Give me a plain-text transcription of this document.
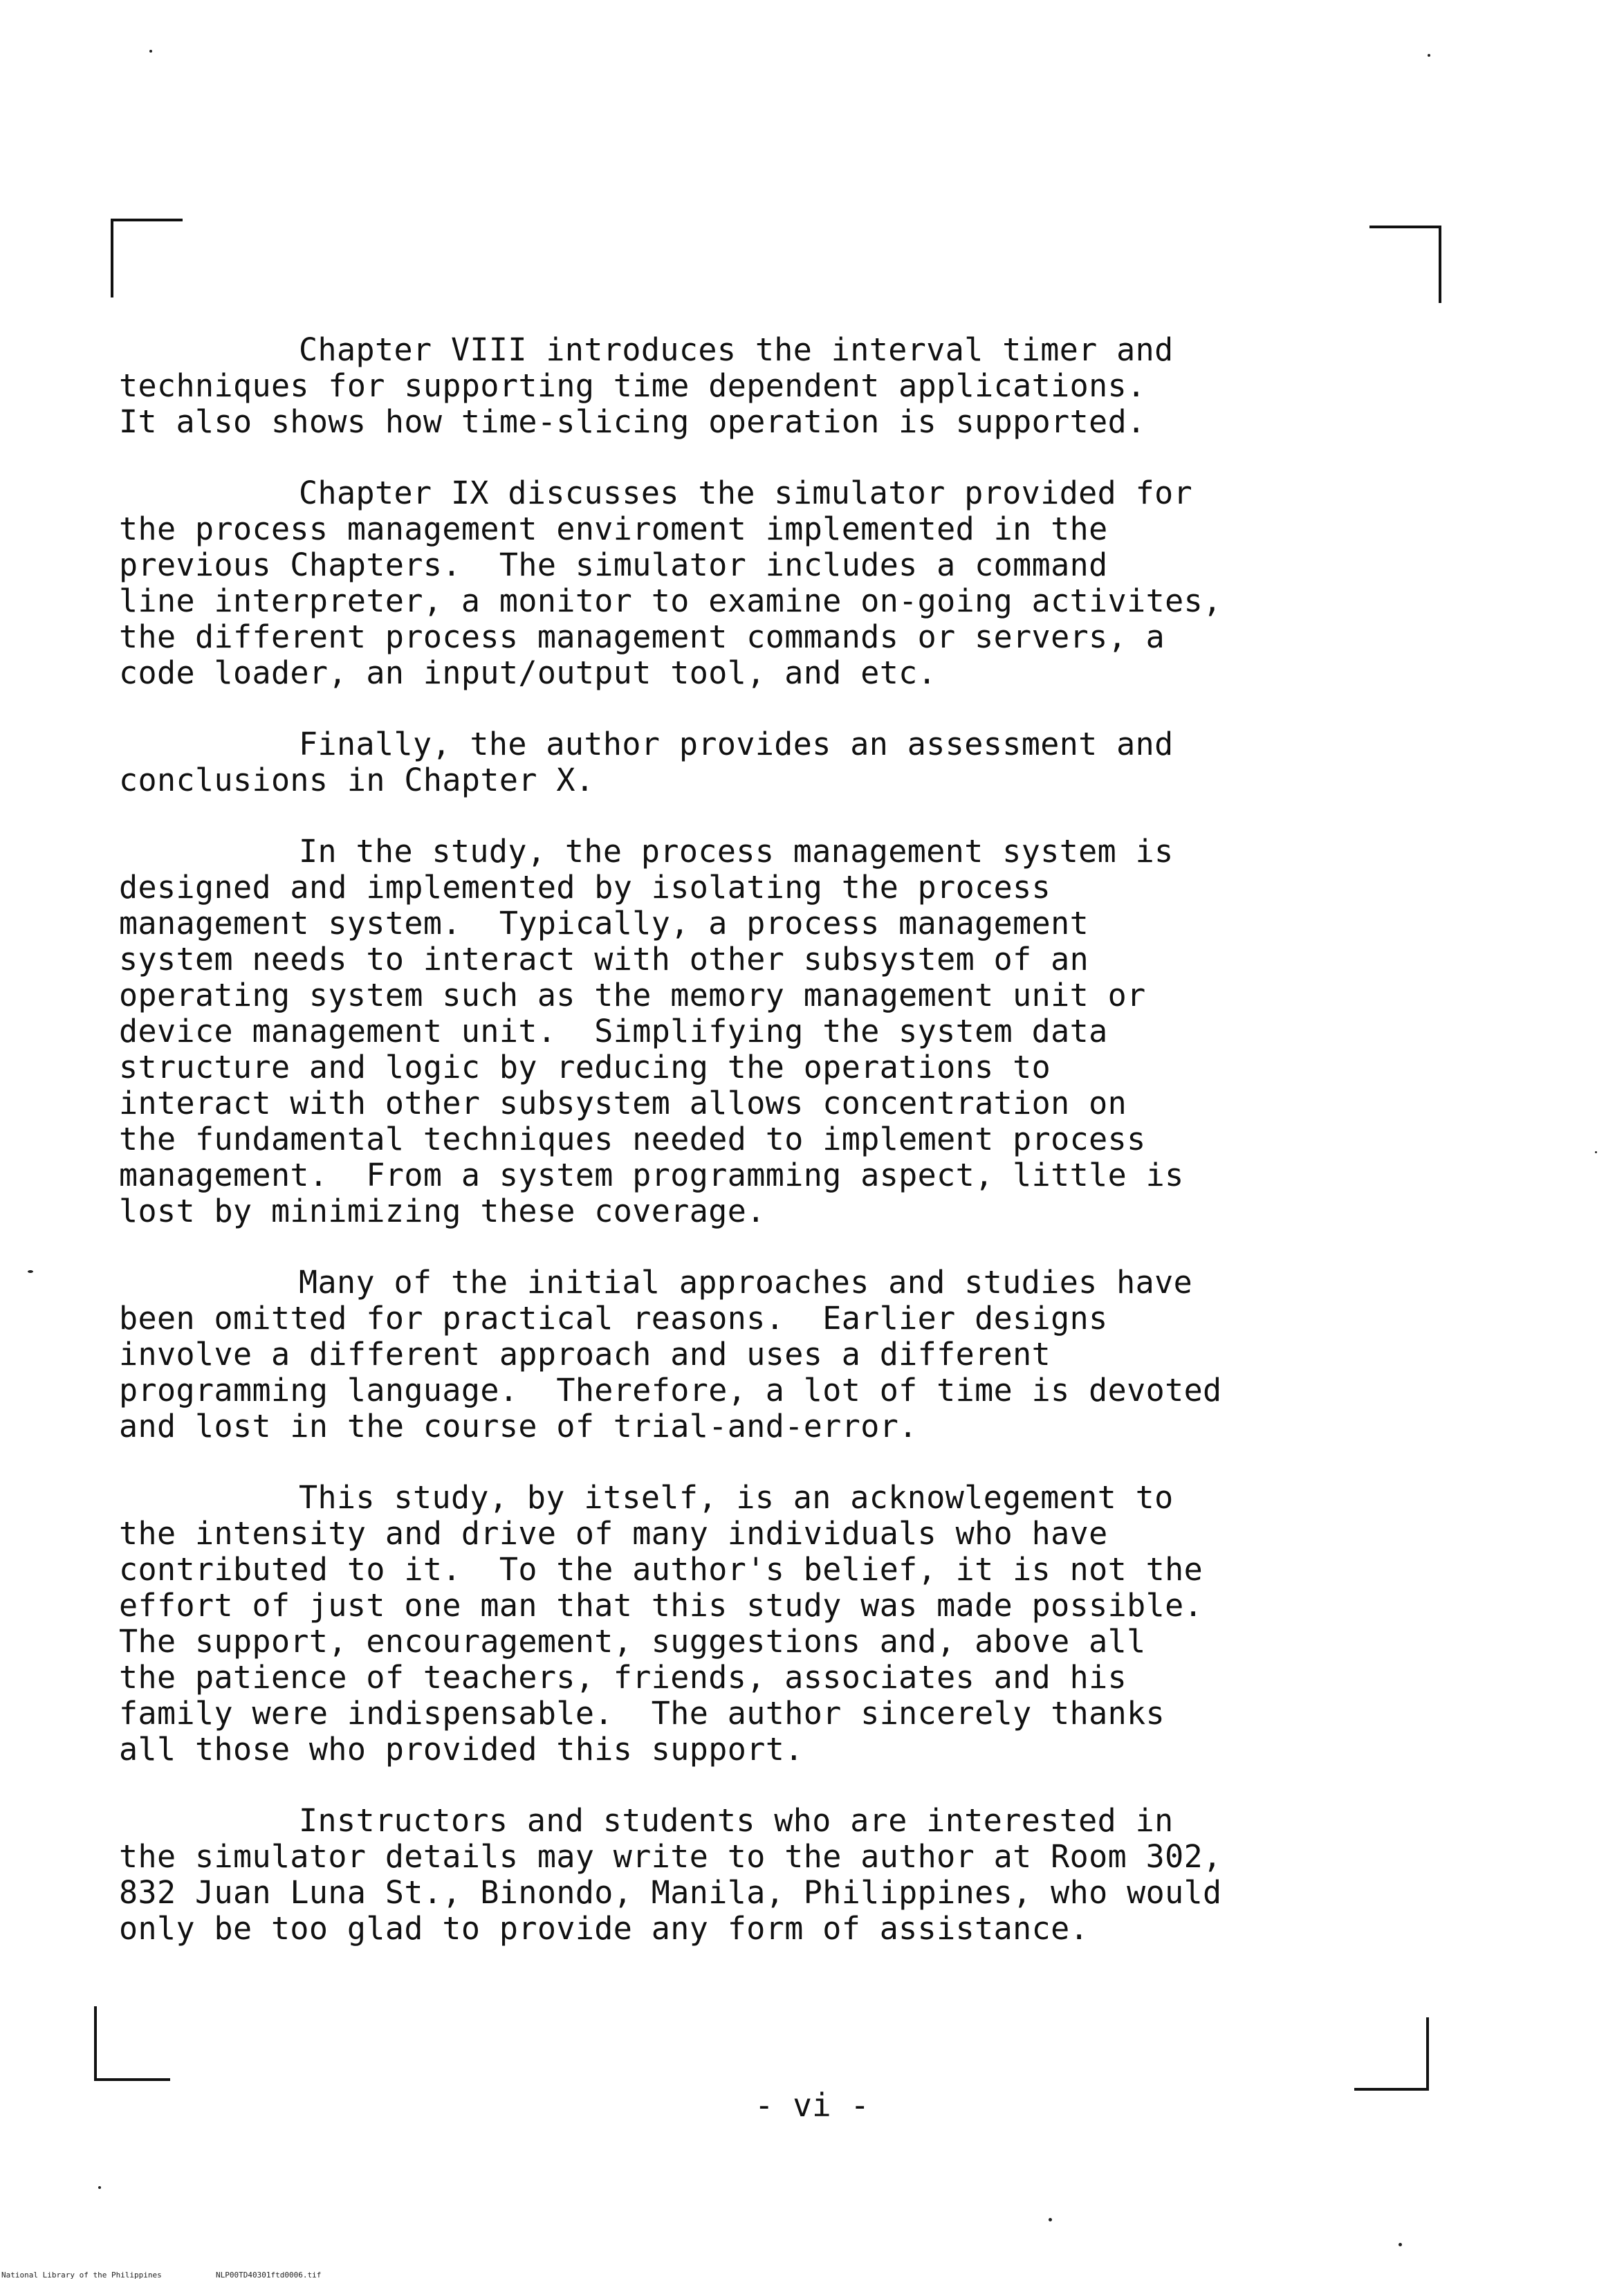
Chapter VIII introduces the interval timer and
techniques for supporting time dependent applications.
It also shows how time-slicing operation is supported.

Chapter IX discusses the simulator provided for
the process management enviroment implemented in the
previous Chapters.  The simulator includes a command
line interpreter, a monitor to examine on-going activites,
the different process management commands or servers, a
code loader, an input/output tool, and etc.

Finally, the author provides an assessment and
conclusions in Chapter X.

In the study, the process management system is
designed and implemented by isolating the process
management system.  Typically, a process management
system needs to interact with other subsystem of an
operating system such as the memory management unit or
device management unit.  Simplifying the system data
structure and logic by reducing the operations to
interact with other subsystem allows concentration on
the fundamental techniques needed to implement process
management.  From a system programming aspect, little is
lost by minimizing these coverage.

Many of the initial approaches and studies have
been omitted for practical reasons.  Earlier designs
involve a different approach and uses a different
programming language.  Therefore, a lot of time is devoted
and lost in the course of trial-and-error.

This study, by itself, is an acknowlegement to
the intensity and drive of many individuals who have
contributed to it.  To the author's belief, it is not the
effort of just one man that this study was made possible.
The support, encouragement, suggestions and, above all
the patience of teachers, friends, associates and his
family were indispensable.  The author sincerely thanks
all those who provided this support.

Instructors and students who are interested in
the simulator details may write to the author at Room 302,
832 Juan Luna St., Binondo, Manila, Philippines, who would
only be too glad to provide any form of assistance.

- vi -
National Library of the Philippines	NLP00TD40301ftd0006.tif
